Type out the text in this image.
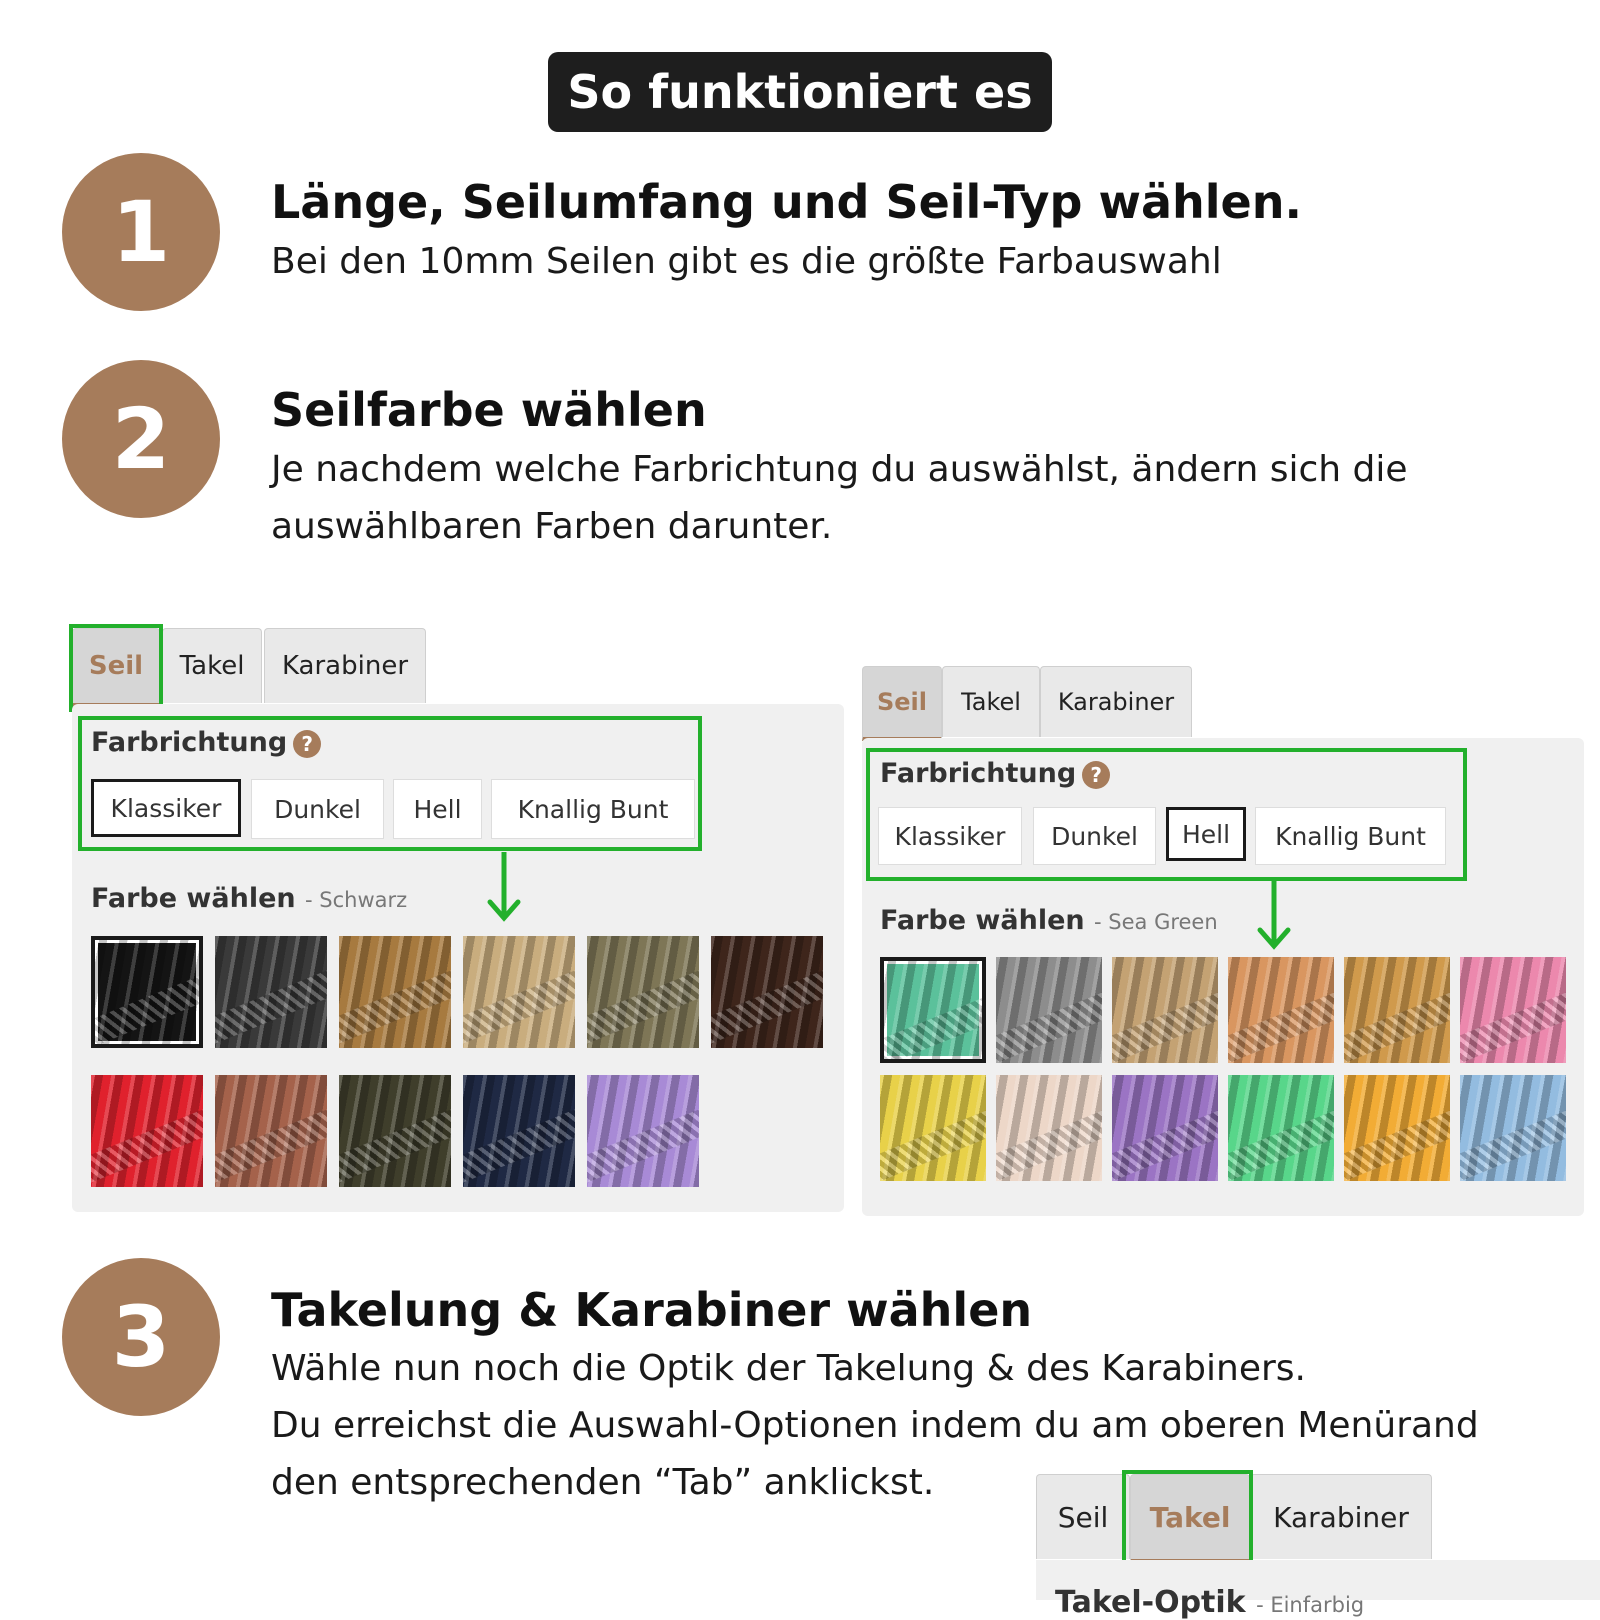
So funktioniert es
1	Länge, Seilumfang und Seil-Typ wählen.
Bei den 10mm Seilen gibt es die größte Farbauswahl
2	Seilfarbe wählen
Je nachdem welche Farbrichtung du auswählst, ändern sich die
auswählbaren Farben darunter.
Seil	Takel	Karabiner
Farbrichtung ?
Klassiker	Dunkel	Hell	Knallig Bunt
Farbe wählen - Schwarz
Seil	Takel	Karabiner
Farbrichtung ?
Klassiker	Dunkel	Hell	Knallig Bunt
Farbe wählen - Sea Green
3	Takelung & Karabiner wählen
Wähle nun noch die Optik der Takelung & des Karabiners.
Du erreichst die Auswahl-Optionen indem du am oberen Menürand
den entsprechenden “Tab” anklickst.
Seil	Takel	Karabiner
Takel-Optik - Einfarbig
